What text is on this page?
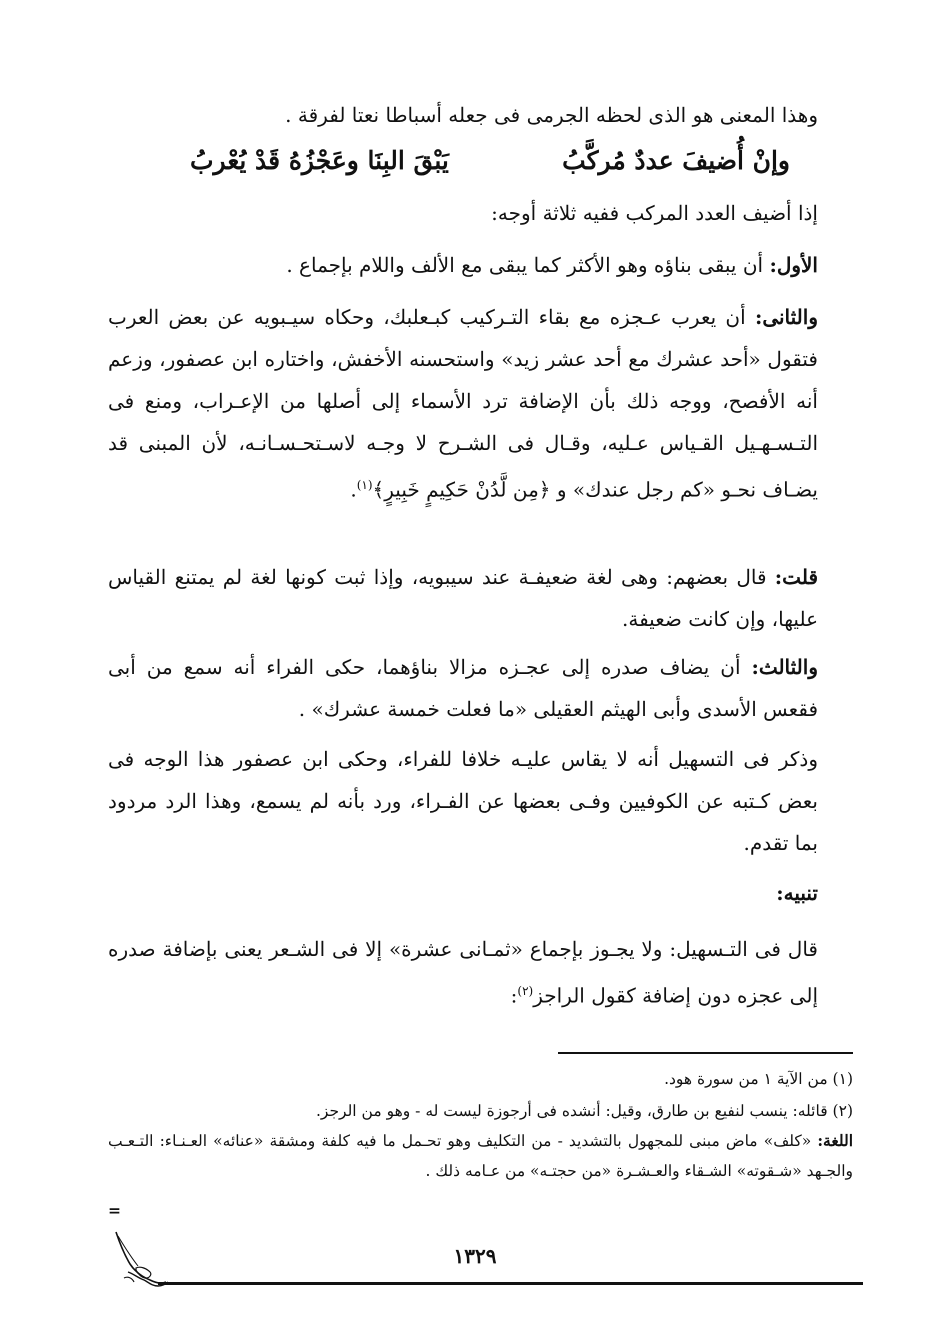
وهذا المعنى هو الذى لحظه الجرمى فى جعله أسباطا نعتا لفرقة .

وإنْ أُضيفَ عددٌ مُركَّبُ
يَبْقَ البِنَا وعَجْزُهُ قَدْ يُعْربُ

إذا أضيف العدد المركب ففيه ثلاثة أوجه:

الأول: أن يبقى بناؤه وهو الأكثر كما يبقى مع الألف واللام بإجماع .

والثانى: أن يعرب عـجزه مع بقاء التـركيب كبـعلبك، وحكاه سيـبويه عن بعض العرب فتقول «أحد عشرك مع أحد عشر زيد» واستحسنه الأخفش، واختاره ابن عصفور، وزعم أنه الأفصح، ووجه ذلك بأن الإضافة ترد الأسماء إلى أصلها من الإعـراب، ومنع فى التـسـهـيل القـياس عـليه، وقـال فى الشـرح لا وجـه لاسـتحـسـانـه، لأن المبنى قد يضـاف نحـو «كم رجل عندك» و ﴿مِن لَّدُنْ حَكِيمٍ خَبِيرٍ﴾$^{(١)}$.

قلت: قال بعضهم: وهى لغة ضعيفـة عند سيبويه، وإذا ثبت كونها لغة لم يمتنع القياس عليها، وإن كانت ضعيفة.

والثالث: أن يضاف صدره إلى عجـزه مزالا بناؤهما، حكى الفراء أنه سمع من أبى فقعس الأسدى وأبى الهيثم العقيلى «ما فعلت خمسة عشرك» .

وذكر فى التسهيل أنه لا يقاس عليـه خلافا للفراء، وحكى ابن عصفور هذا الوجه فى بعض كـتبه عن الكوفيين وفـى بعضها عن الفـراء، ورد بأنه لم يسمع، وهذا الرد مردود بما تقدم.

تنبيه:

قال فى التـسهيل: ولا يجـوز بإجماع «ثمـانى عشرة» إلا فى الشـعر يعنى بإضافة صدره إلى عجزه دون إضافة كقول الراجز$^{(٢)}$:

(١) من الآية ١ من سورة هود.

(٢) قائله: ينسب لنفيع بن طارق، وقيل: أنشده فى أرجوزة ليست له - وهو من الرجز.

اللغة: «كلف» ماض مبنى للمجهول بالتشديد - من التكليف وهو تحـمل ما فيه كلفة ومشقة «عنائه» العـنـاء: التـعـب والجـهد «شـقوته» الشـقاء والعـشـرة «من حجتـه» من عـامه ذلك .

=
١٣٢٩
